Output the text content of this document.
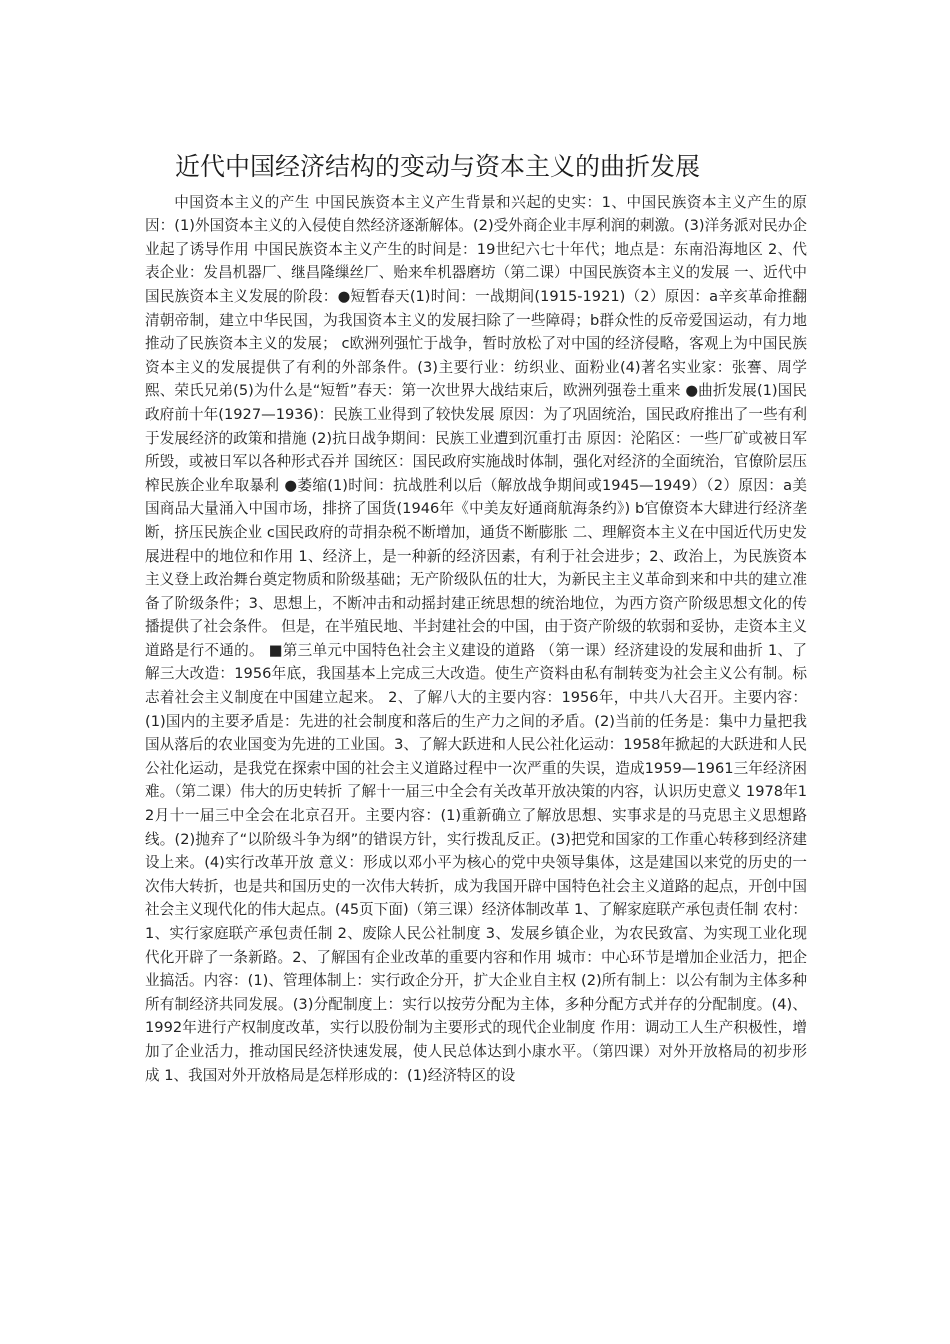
近代中国经济结构的变动与资本主义的曲折发展

中国资本主义的产生 中国民族资本主义产生背景和兴起的史实：1、中国民族资本主义产生的原因：(1)外国资本主义的入侵使自然经济逐渐解体。(2)受外商企业丰厚利润的刺激。(3)洋务派对民办企业起了诱导作用 中国民族资本主义产生的时间是：19世纪六七十年代；地点是：东南沿海地区 2、代表企业：发昌机器厂、继昌隆缫丝厂、贻来牟机器磨坊（第二课）中国民族资本主义的发展 一、近代中国民族资本主义发展的阶段：●短暂春天(1)时间：一战期间(1915-1921)（2）原因：a辛亥革命推翻清朝帝制，建立中华民国，为我国资本主义的发展扫除了一些障碍；b群众性的反帝爱国运动，有力地推动了民族资本主义的发展； c欧洲列强忙于战争，暂时放松了对中国的经济侵略，客观上为中国民族资本主义的发展提供了有利的外部条件。(3)主要行业：纺织业、面粉业(4)著名实业家：张謇、周学熙、荣氏兄弟(5)为什么是“短暂”春天：第一次世界大战结束后，欧洲列强卷土重来 ●曲折发展(1)国民政府前十年(1927—1936)：民族工业得到了较快发展 原因：为了巩固统治，国民政府推出了一些有利于发展经济的政策和措施 (2)抗日战争期间：民族工业遭到沉重打击 原因：沦陷区：一些厂矿或被日军所毁，或被日军以各种形式吞并 国统区：国民政府实施战时体制，强化对经济的全面统治，官僚阶层压榨民族企业牟取暴利 ●萎缩(1)时间：抗战胜利以后（解放战争期间或1945—1949）（2）原因：a美国商品大量涌入中国市场，排挤了国货(1946年《中美友好通商航海条约》) b官僚资本大肆进行经济垄断，挤压民族企业 c国民政府的苛捐杂税不断增加，通货不断膨胀 二、理解资本主义在中国近代历史发展进程中的地位和作用 1、经济上，是一种新的经济因素，有利于社会进步；2、政治上，为民族资本主义登上政治舞台奠定物质和阶级基础；无产阶级队伍的壮大，为新民主主义革命到来和中共的建立准备了阶级条件；3、思想上，不断冲击和动摇封建正统思想的统治地位，为西方资产阶级思想文化的传播提供了社会条件。 但是，在半殖民地、半封建社会的中国，由于资产阶级的软弱和妥协，走资本主义道路是行不通的。 ■第三单元中国特色社会主义建设的道路 （第一课）经济建设的发展和曲折 1、了解三大改造：1956年底，我国基本上完成三大改造。使生产资料由私有制转变为社会主义公有制。标志着社会主义制度在中国建立起来。 2、了解八大的主要内容：1956年，中共八大召开。主要内容：(1)国内的主要矛盾是：先进的社会制度和落后的生产力之间的矛盾。(2)当前的任务是：集中力量把我国从落后的农业国变为先进的工业国。3、了解大跃进和人民公社化运动：1958年掀起的大跃进和人民公社化运动，是我党在探索中国的社会主义道路过程中一次严重的失误，造成1959—1961三年经济困难。（第二课）伟大的历史转折 了解十一届三中全会有关改革开放决策的内容，认识历史意义 1978年12月十一届三中全会在北京召开。主要内容：(1)重新确立了解放思想、实事求是的马克思主义思想路线。(2)抛弃了“以阶级斗争为纲”的错误方针，实行拨乱反正。(3)把党和国家的工作重心转移到经济建设上来。(4)实行改革开放 意义：形成以邓小平为核心的党中央领导集体，这是建国以来党的历史的一次伟大转折，也是共和国历史的一次伟大转折，成为我国开辟中国特色社会主义道路的起点，开创中国社会主义现代化的伟大起点。(45页下面)（第三课）经济体制改革 1、了解家庭联产承包责任制 农村：1、实行家庭联产承包责任制 2、废除人民公社制度 3、发展乡镇企业，为农民致富、为实现工业化现代化开辟了一条新路。2、了解国有企业改革的重要内容和作用 城市：中心环节是增加企业活力，把企业搞活。内容：(1)、管理体制上：实行政企分开，扩大企业自主权 (2)所有制上：以公有制为主体多种所有制经济共同发展。(3)分配制度上：实行以按劳分配为主体，多种分配方式并存的分配制度。(4)、1992年进行产权制度改革，实行以股份制为主要形式的现代企业制度 作用：调动工人生产积极性，增加了企业活力，推动国民经济快速发展，使人民总体达到小康水平。（第四课）对外开放格局的初步形成 1、我国对外开放格局是怎样形成的：(1)经济特区的设
